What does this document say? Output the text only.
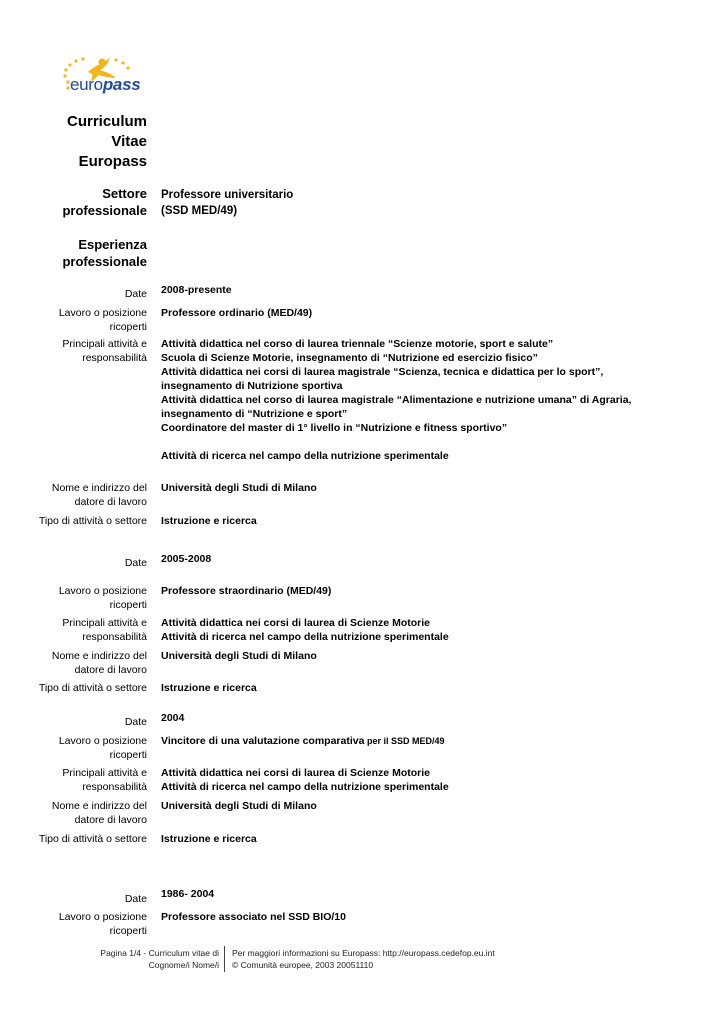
europass
Curriculum
Vitae
Europass
Settore
professionale
Professore universitario
(SSD MED/49)
Esperienza
professionale
Date 2008-presente
Lavoro o posizione
ricoperti
Professore ordinario (MED/49)
Principali attività e
responsabilità
Attività didattica nel corso di laurea triennale “Scienze motorie, sport e salute”
Scuola di Scienze Motorie, insegnamento di “Nutrizione ed esercizio fisico”
Attività didattica nei corsi di laurea magistrale “Scienza, tecnica e didattica per lo sport”,
insegnamento di Nutrizione sportiva
Attività didattica nel corso di laurea magistrale “Alimentazione e nutrizione umana” di Agraria,
insegnamento di “Nutrizione e sport”
Coordinatore del master di 1° livello in “Nutrizione e fitness sportivo”
Attività di ricerca nel campo della nutrizione sperimentale
Nome e indirizzo del
datore di lavoro
Università degli Studi di Milano
Tipo di attività o settore Istruzione e ricerca
Date 2005-2008
Lavoro o posizione
ricoperti
Professore straordinario (MED/49)
Principali attività e
responsabilità
Attività didattica nei corsi di laurea di Scienze Motorie
Attività di ricerca nel campo della nutrizione sperimentale
Nome e indirizzo del
datore di lavoro
Università degli Studi di Milano
Tipo di attività o settore Istruzione e ricerca
Date 2004
Lavoro o posizione
ricoperti
Vincitore di una valutazione comparativa per il SSD MED/49
Principali attività e
responsabilità
Attività didattica nei corsi di laurea di Scienze Motorie
Attività di ricerca nel campo della nutrizione sperimentale
Nome e indirizzo del
datore di lavoro
Università degli Studi di Milano
Tipo di attività o settore Istruzione e ricerca
Date 1986- 2004
Lavoro o posizione
ricoperti
Professore associato nel SSD BIO/10
Pagina 1/4 - Curriculum vitae di
Cognome/i Nome/i
Per maggiori informazioni su Europass: http://europass.cedefop.eu.int
© Comunità europee, 2003 20051110
